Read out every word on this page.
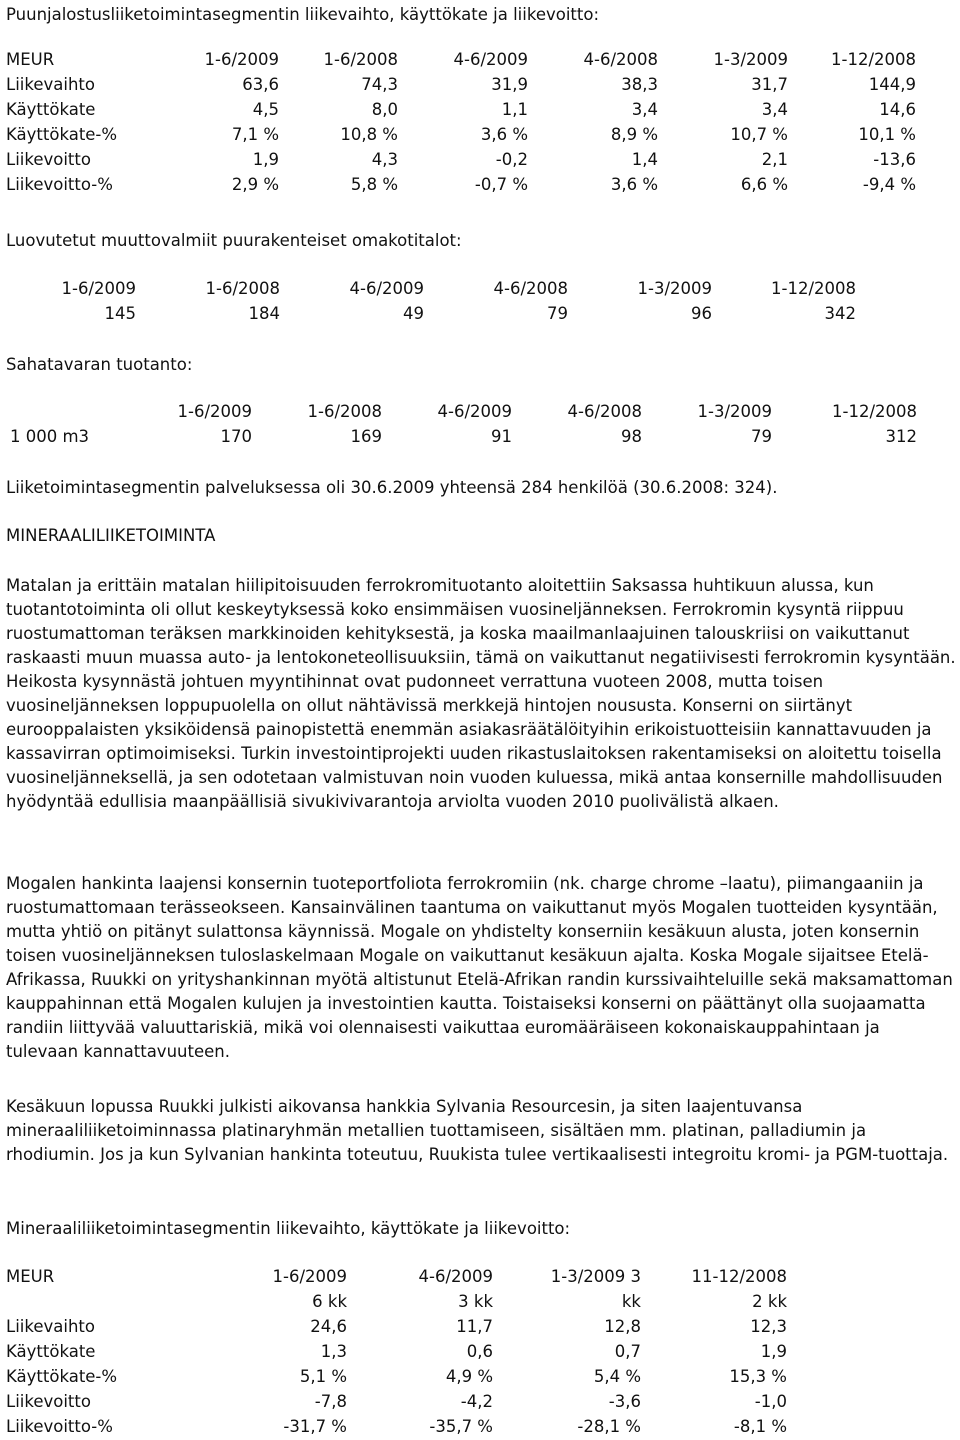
Puunjalostusliiketoimintasegmentin liikevaihto, käyttökate ja liikevoitto:
MEUR	1-6/2009	1-6/2008	4-6/2009	4-6/2008	1-3/2009	1-12/2008
Liikevaihto	63,6	74,3	31,9	38,3	31,7	144,9
Käyttökate	4,5	8,0	1,1	3,4	3,4	14,6
Käyttökate-%	7,1 %	10,8 %	3,6 %	8,9 %	10,7 %	10,1 %
Liikevoitto	1,9	4,3	-0,2	1,4	2,1	-13,6
Liikevoitto-%	2,9 %	5,8 %	-0,7 %	3,6 %	6,6 %	-9,4 %
Luovutetut muuttovalmiit puurakenteiset omakotitalot:
1-6/2009	1-6/2008	4-6/2009	4-6/2008	1-3/2009	1-12/2008
145	184	49	79	96	342
Sahatavaran tuotanto:
	1-6/2009	1-6/2008	4-6/2009	4-6/2008	1-3/2009	1-12/2008
1 000 m3	170	169	91	98	79	312
Liiketoimintasegmentin palveluksessa oli 30.6.2009 yhteensä 284 henkilöä (30.6.2008: 324).
MINERAALILIIKETOIMINTA

Matalan ja erittäin matalan hiilipitoisuuden ferrokromituotanto aloitettiin Saksassa huhtikuun alussa, kun tuotantotoiminta oli ollut keskeytyksessä koko ensimmäisen vuosineljänneksen. Ferrokromin kysyntä riippuu ruostumattoman teräksen markkinoiden kehityksestä, ja koska maailmanlaajuinen talouskriisi on vaikuttanut raskaasti muun muassa auto- ja lentokoneteollisuuksiin, tämä on vaikuttanut negatiivisesti ferrokromin kysyntään. Heikosta kysynnästä johtuen myyntihinnat ovat pudonneet verrattuna vuoteen 2008, mutta toisen vuosineljänneksen loppupuolella on ollut nähtävissä merkkejä hintojen noususta. Konserni on siirtänyt eurooppalaisten yksiköidensä painopistettä enemmän asiakasräätälöityihin erikoistuotteisiin kannattavuuden ja kassavirran optimoimiseksi. Turkin investointiprojekti uuden rikastuslaitoksen rakentamiseksi on aloitettu toisella vuosineljänneksellä, ja sen odotetaan valmistuvan noin vuoden kuluessa, mikä antaa konsernille mahdollisuuden hyödyntää edullisia maanpäällisiä sivukivivarantoja arviolta vuoden 2010 puolivälistä alkaen.

Mogalen hankinta laajensi konsernin tuoteportfoliota ferrokromiin (nk. charge chrome –laatu), piimangaaniin ja ruostumattomaan terässeokseen. Kansainvälinen taantuma on vaikuttanut myös Mogalen tuotteiden kysyntään, mutta yhtiö on pitänyt sulattonsa käynnissä. Mogale on yhdistelty konserniin kesäkuun alusta, joten konsernin toisen vuosineljänneksen tuloslaskelmaan Mogale on vaikuttanut kesäkuun ajalta. Koska Mogale sijaitsee Etelä-Afrikassa, Ruukki on yrityshankinnan myötä altistunut Etelä-Afrikan randin kurssivaihteluille sekä maksamattoman kauppahinnan että Mogalen kulujen ja investointien kautta. Toistaiseksi konserni on päättänyt olla suojaamatta randiin liittyvää valuuttariskiä, mikä voi olennaisesti vaikuttaa euromääräiseen kokonaiskauppahintaan ja tulevaan kannattavuuteen.

Kesäkuun lopussa Ruukki julkisti aikovansa hankkia Sylvania Resourcesin, ja siten laajentuvansa mineraaliliiketoiminnassa platinaryhmän metallien tuottamiseen, sisältäen mm. platinan, palladiumin ja rhodiumin. Jos ja kun Sylvanian hankinta toteutuu, Ruukista tulee vertikaalisesti integroitu kromi- ja PGM-tuottaja.

Mineraaliliiketoimintasegmentin liikevaihto, käyttökate ja liikevoitto:
MEUR	1-6/2009	4-6/2009	1-3/2009 3	11-12/2008
	6 kk	3 kk	kk	2 kk
Liikevaihto	24,6	11,7	12,8	12,3
Käyttökate	1,3	0,6	0,7	1,9
Käyttökate-%	5,1 %	4,9 %	5,4 %	15,3 %
Liikevoitto	-7,8	-4,2	-3,6	-1,0
Liikevoitto-%	-31,7 %	-35,7 %	-28,1 %	-8,1 %
